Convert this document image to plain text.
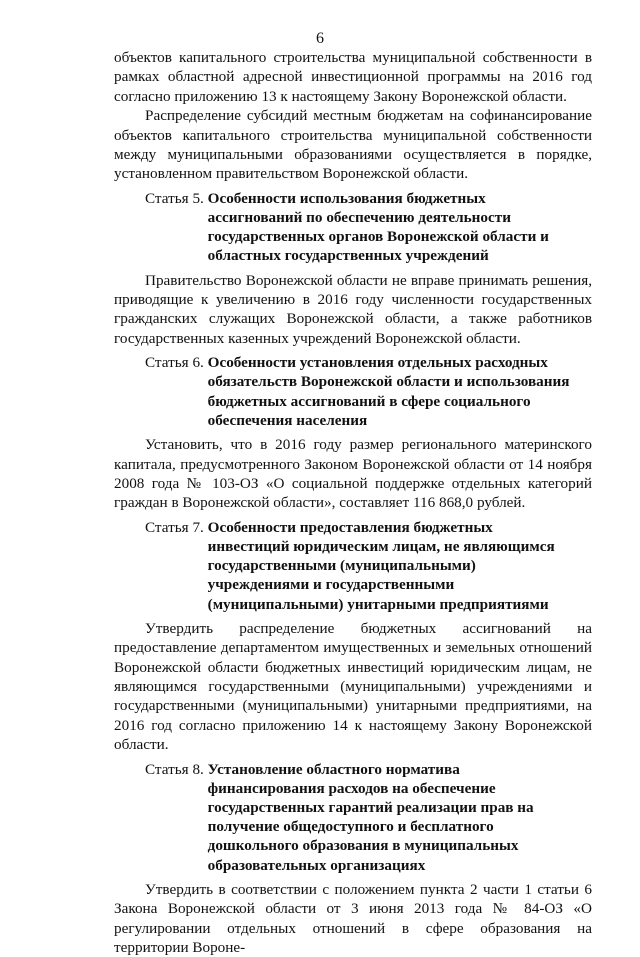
6

объектов капитального строительства муниципальной собственности в рамках областной адресной инвестиционной программы на 2016 год согласно приложению 13 к настоящему Закону Воронежской области.

Распределение субсидий местным бюджетам на софинансирование объектов капитального строительства муниципальной собственности между муниципальными образованиями осуществляется в порядке, установленном правительством Воронежской области.

Статья 5.
Особенности использования бюджетных ассигнований по обеспечению деятельности государственных органов Воронежской области и областных государственных учреждений

Правительство Воронежской области не вправе принимать решения, приводящие к увеличению в 2016 году численности государственных гражданских служащих Воронежской области, а также работников государственных казенных учреждений Воронежской области.

Статья 6.
Особенности установления отдельных расходных обязательств Воронежской области и использования бюджетных ассигнований в сфере социального обеспечения населения

Установить, что в 2016 году размер регионального материнского капитала, предусмотренного Законом Воронежской области от 14 ноября 2008 года № 103-ОЗ «О социальной поддержке отдельных категорий граждан в Воронежской области», составляет 116 868,0 рублей.

Статья 7.
Особенности предоставления бюджетных инвестиций юридическим лицам, не являющимся государственными (муниципальными) учреждениями и государственными (муниципальными) унитарными предприятиями

Утвердить распределение бюджетных ассигнований на предоставление департаментом имущественных и земельных отношений Воронежской области бюджетных инвестиций юридическим лицам, не являющимся государственными (муниципальными) учреждениями и государственными (муниципальными) унитарными предприятиями, на 2016 год согласно приложению 14 к настоящему Закону Воронежской области.

Статья 8.
Установление областного норматива финансирования расходов на обеспечение государственных гарантий реализации прав на получение общедоступного и бесплатного дошкольного образования в муниципальных образовательных организациях

Утвердить в соответствии с положением пункта 2 части 1 статьи 6 Закона Воронежской области от 3 июня 2013 года № 84-ОЗ «О регулировании отдельных отношений в сфере образования на территории Вороне-
